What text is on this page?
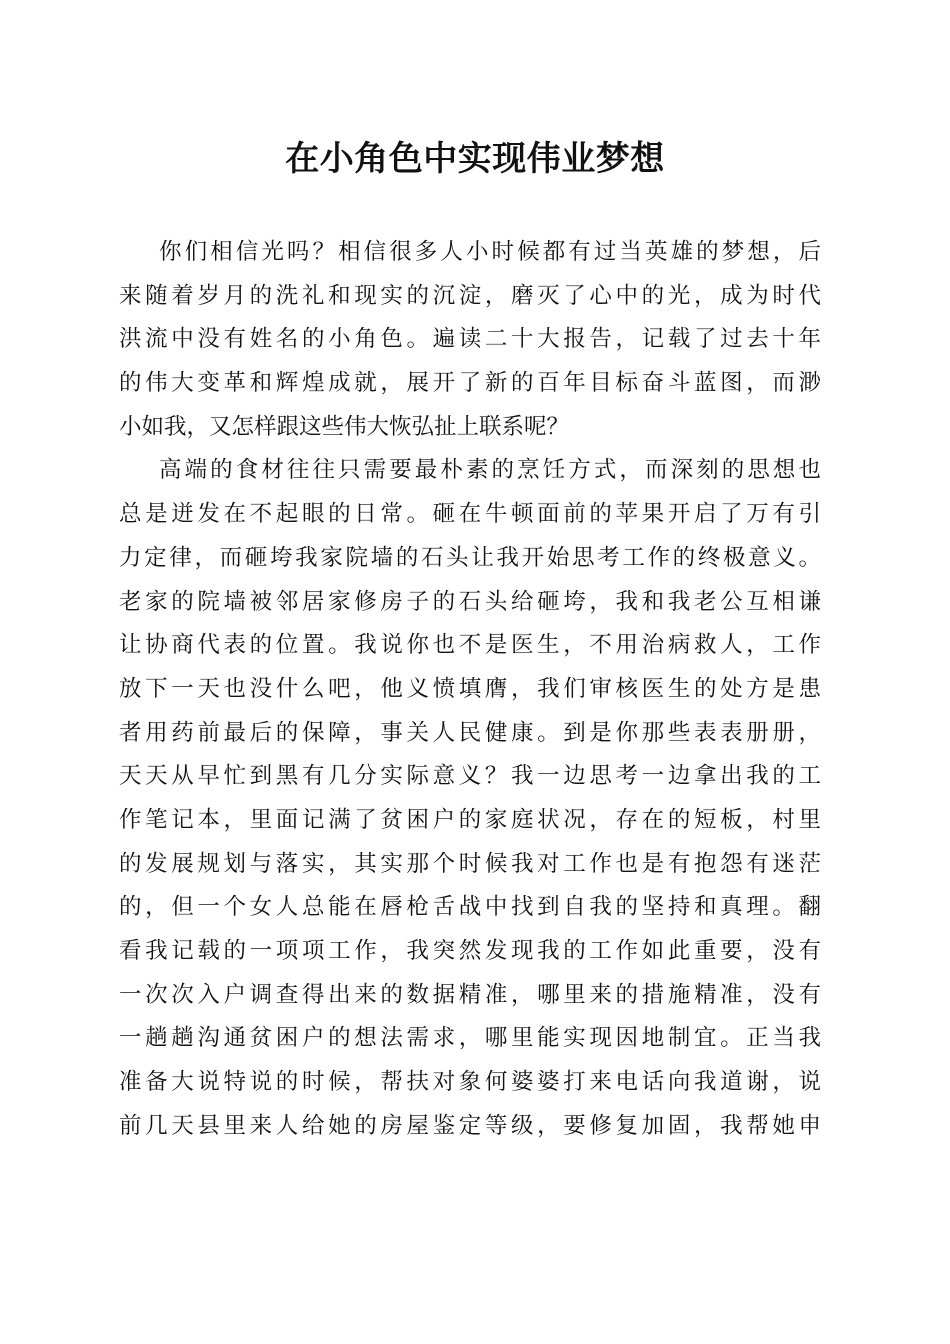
在小角色中实现伟业梦想
你们相信光吗？相信很多人小时候都有过当英雄的梦想，后
来随着岁月的洗礼和现实的沉淀，磨灭了心中的光，成为时代
洪流中没有姓名的小角色。遍读二十大报告，记载了过去十年
的伟大变革和辉煌成就，展开了新的百年目标奋斗蓝图，而渺
小如我，又怎样跟这些伟大恢弘扯上联系呢？
高端的食材往往只需要最朴素的烹饪方式，而深刻的思想也
总是迸发在不起眼的日常。砸在牛顿面前的苹果开启了万有引
力定律，而砸垮我家院墙的石头让我开始思考工作的终极意义。
老家的院墙被邻居家修房子的石头给砸垮，我和我老公互相谦
让协商代表的位置。我说你也不是医生，不用治病救人，工作
放下一天也没什么吧，他义愤填膺，我们审核医生的处方是患
者用药前最后的保障，事关人民健康。到是你那些表表册册，
天天从早忙到黑有几分实际意义？我一边思考一边拿出我的工
作笔记本，里面记满了贫困户的家庭状况，存在的短板，村里
的发展规划与落实，其实那个时候我对工作也是有抱怨有迷茫
的，但一个女人总能在唇枪舌战中找到自我的坚持和真理。翻
看我记载的一项项工作，我突然发现我的工作如此重要，没有
一次次入户调查得出来的数据精准，哪里来的措施精准，没有
一趟趟沟通贫困户的想法需求，哪里能实现因地制宜。正当我
准备大说特说的时候，帮扶对象何婆婆打来电话向我道谢，说
前几天县里来人给她的房屋鉴定等级，要修复加固，我帮她申
